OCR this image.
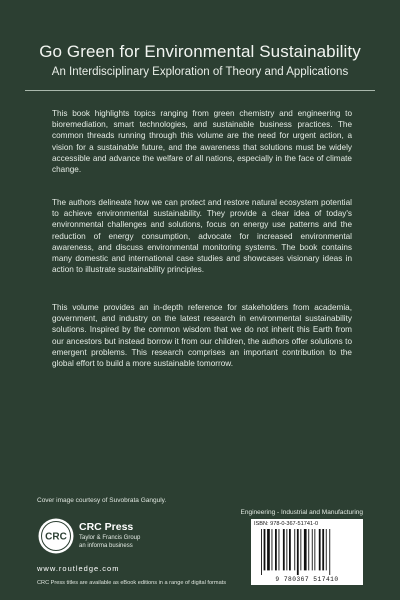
Go Green for Environmental Sustainability
An Interdisciplinary Exploration of Theory and Applications
This book highlights topics ranging from green chemistry and engineering to bioremediation, smart technologies, and sustainable business practices. The common threads running through this volume are the need for urgent action, a vision for a sustainable future, and the awareness that solutions must be widely accessible and advance the welfare of all nations, especially in the face of climate change.
The authors delineate how we can protect and restore natural ecosystem potential to achieve environmental sustainability. They provide a clear idea of today's environmental challenges and solutions, focus on energy use patterns and the reduction of energy consumption, advocate for increased environmental awareness, and discuss environmental monitoring systems. The book contains many domestic and international case studies and showcases visionary ideas in action to illustrate sustainability principles.
This volume provides an in-depth reference for stakeholders from academia, government, and industry on the latest research in environmental sustainability solutions. Inspired by the common wisdom that we do not inherit this Earth from our ancestors but instead borrow it from our children, the authors offer solutions to emergent problems. This research comprises an important contribution to the global effort to build a more sustainable tomorrow.
Cover image courtesy of Suvobrata Ganguly.
Engineering - Industrial and Manufacturing
CRC
CRC Press
Taylor & Francis Group
an informa business
www.routledge.com
CRC Press titles are available as eBook editions in a range of digital formats
ISBN: 978-0-367-51741-0
9 780367 517410
